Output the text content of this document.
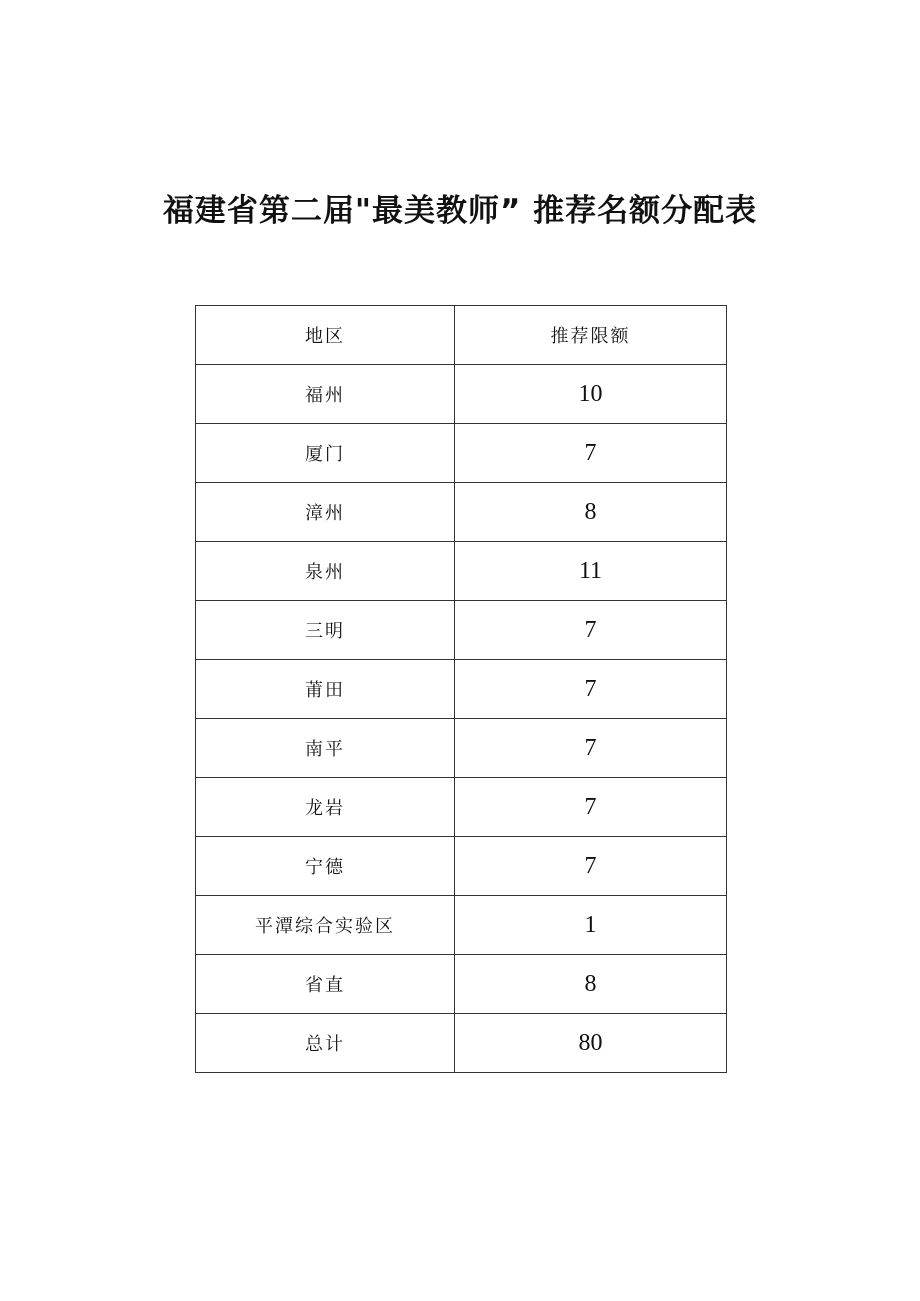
福建省第二届"最美教师” 推荐名额分配表
地区	推荐限额
福州	10
厦门	7
漳州	8
泉州	11
三明	7
莆田	7
南平	7
龙岩	7
宁德	7
平潭综合实验区	1
省直	8
总计	80
